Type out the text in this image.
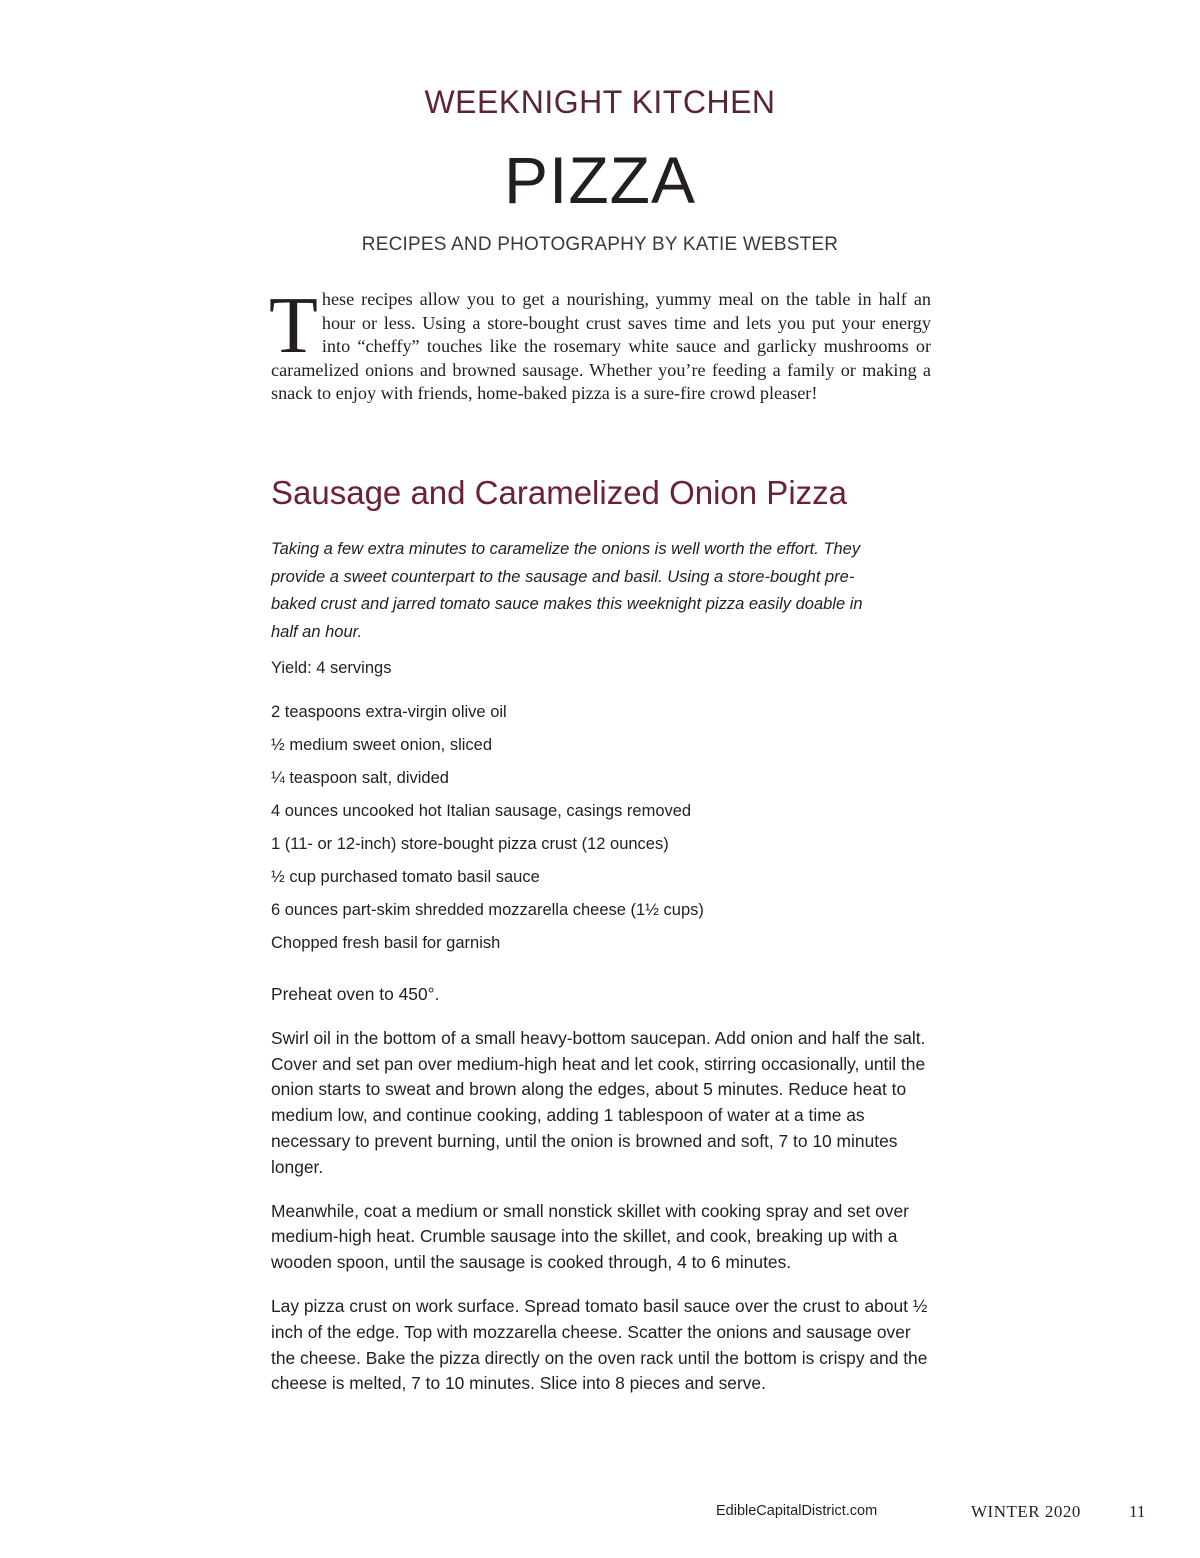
WEEKNIGHT KITCHEN
PIZZA
RECIPES AND PHOTOGRAPHY BY KATIE WEBSTER
These recipes allow you to get a nourishing, yummy meal on the table in half an hour or less. Using a store-bought crust saves time and lets you put your energy into “cheffy” touches like the rosemary white sauce and garlicky mushrooms or caramelized onions and browned sausage. Whether you’re feeding a family or making a snack to enjoy with friends, home-baked pizza is a sure-fire crowd pleaser!
Sausage and Caramelized Onion Pizza
Taking a few extra minutes to caramelize the onions is well worth the effort. They provide a sweet counterpart to the sausage and basil. Using a store-bought pre-baked crust and jarred tomato sauce makes this weeknight pizza easily doable in half an hour.
Yield: 4 servings
2 teaspoons extra-virgin olive oil
½ medium sweet onion, sliced
¼ teaspoon salt, divided
4 ounces uncooked hot Italian sausage, casings removed
1 (11- or 12-inch) store-bought pizza crust (12 ounces)
½ cup purchased tomato basil sauce
6 ounces part-skim shredded mozzarella cheese (1½ cups)
Chopped fresh basil for garnish

Preheat oven to 450°.

Swirl oil in the bottom of a small heavy-bottom saucepan. Add onion and half the salt. Cover and set pan over medium-high heat and let cook, stirring occasionally, until the onion starts to sweat and brown along the edges, about 5 minutes. Reduce heat to medium low, and continue cooking, adding 1 tablespoon of water at a time as necessary to prevent burning, until the onion is browned and soft, 7 to 10 minutes longer.

Meanwhile, coat a medium or small nonstick skillet with cooking spray and set over medium-high heat. Crumble sausage into the skillet, and cook, breaking up with a wooden spoon, until the sausage is cooked through, 4 to 6 minutes.

Lay pizza crust on work surface. Spread tomato basil sauce over the crust to about ½ inch of the edge. Top with mozzarella cheese. Scatter the onions and sausage over the cheese. Bake the pizza directly on the oven rack until the bottom is crispy and the cheese is melted, 7 to 10 minutes. Slice into 8 pieces and serve.

EdibleCapitalDistrict.com	WINTER 2020	11
